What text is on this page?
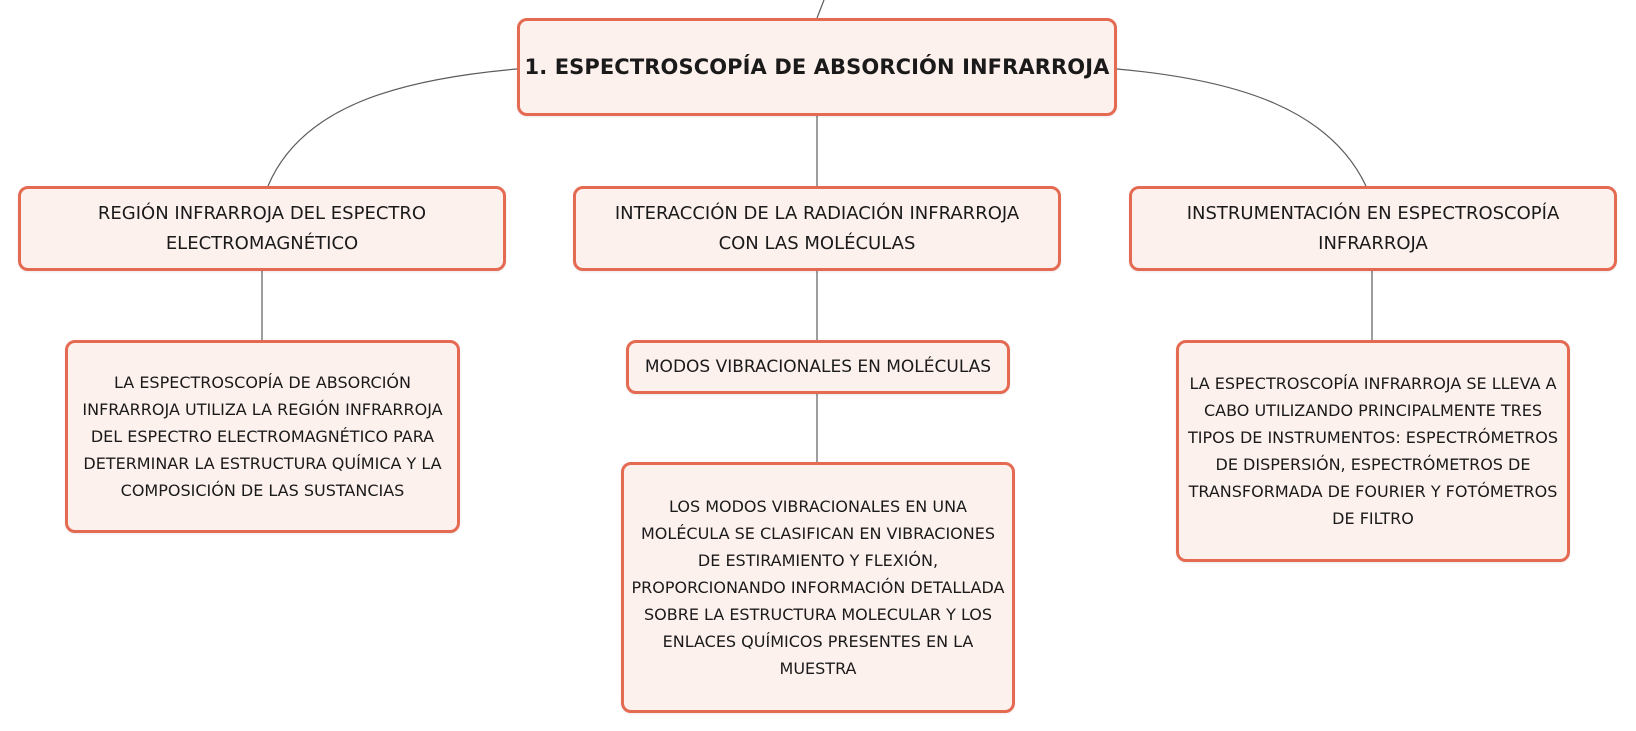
1. ESPECTROSCOPÍA DE ABSORCIÓN INFRARROJA
REGIÓN INFRARROJA DEL ESPECTRO ELECTROMAGNÉTICO
INTERACCIÓN DE LA RADIACIÓN INFRARROJA CON LAS MOLÉCULAS
INSTRUMENTACIÓN EN ESPECTROSCOPÍA INFRARROJA
LA ESPECTROSCOPÍA DE ABSORCIÓN INFRARROJA UTILIZA LA REGIÓN INFRARROJA DEL ESPECTRO ELECTROMAGNÉTICO PARA DETERMINAR LA ESTRUCTURA QUÍMICA Y LA COMPOSICIÓN DE LAS SUSTANCIAS
MODOS VIBRACIONALES EN MOLÉCULAS
LOS MODOS VIBRACIONALES EN UNA MOLÉCULA SE CLASIFICAN EN VIBRACIONES DE ESTIRAMIENTO Y FLEXIÓN, PROPORCIONANDO INFORMACIÓN DETALLADA SOBRE LA ESTRUCTURA MOLECULAR Y LOS ENLACES QUÍMICOS PRESENTES EN LA MUESTRA
LA ESPECTROSCOPÍA INFRARROJA SE LLEVA A CABO UTILIZANDO PRINCIPALMENTE TRES TIPOS DE INSTRUMENTOS: ESPECTRÓMETROS DE DISPERSIÓN, ESPECTRÓMETROS DE TRANSFORMADA DE FOURIER Y FOTÓMETROS DE FILTRO
